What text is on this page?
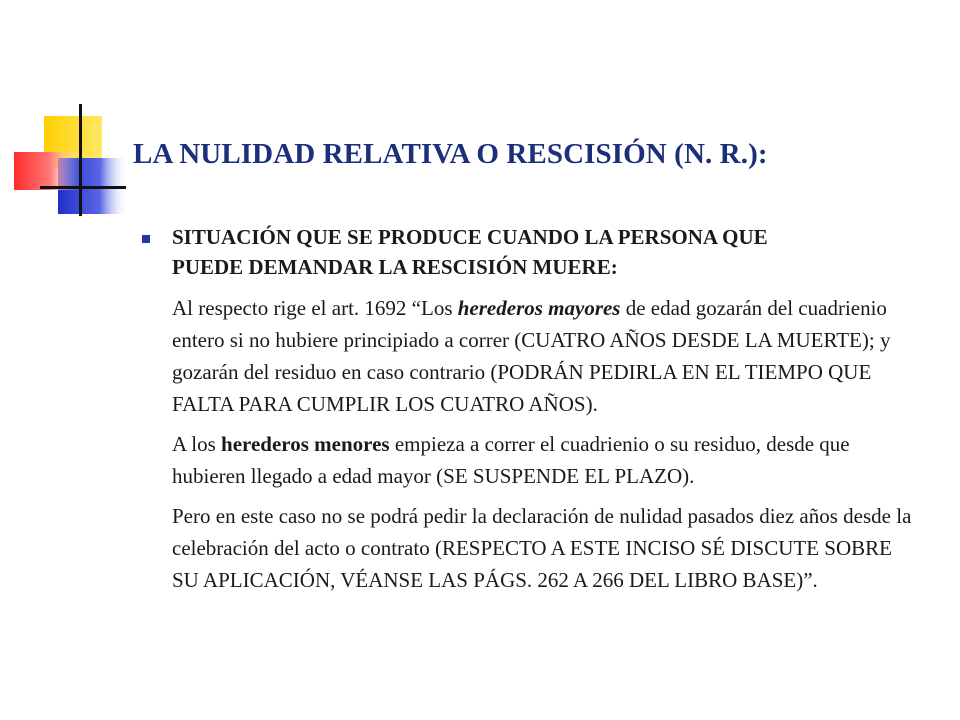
LA NULIDAD RELATIVA O RESCISIÓN (N. R.):
SITUACIÓN QUE SE PRODUCE CUANDO LA PERSONA QUE
PUEDE DEMANDAR LA RESCISIÓN MUERE:

Al respecto rige el art. 1692 “Los herederos mayores de edad gozarán del cuadrienio entero si no hubiere principiado a correr (CUATRO AÑOS DESDE LA MUERTE); y gozarán del residuo en caso contrario (PODRÁN PEDIRLA EN EL TIEMPO QUE FALTA PARA CUMPLIR LOS CUATRO AÑOS).

A los herederos menores empieza a correr el cuadrienio o su residuo, desde que hubieren llegado a edad mayor (SE SUSPENDE EL PLAZO).

Pero en este caso no se podrá pedir la declaración de nulidad pasados diez años desde la celebración del acto o contrato (RESPECTO A ESTE INCISO SÉ DISCUTE SOBRE SU APLICACIÓN, VÉANSE LAS PÁGS. 262 A 266 DEL LIBRO BASE)”.
